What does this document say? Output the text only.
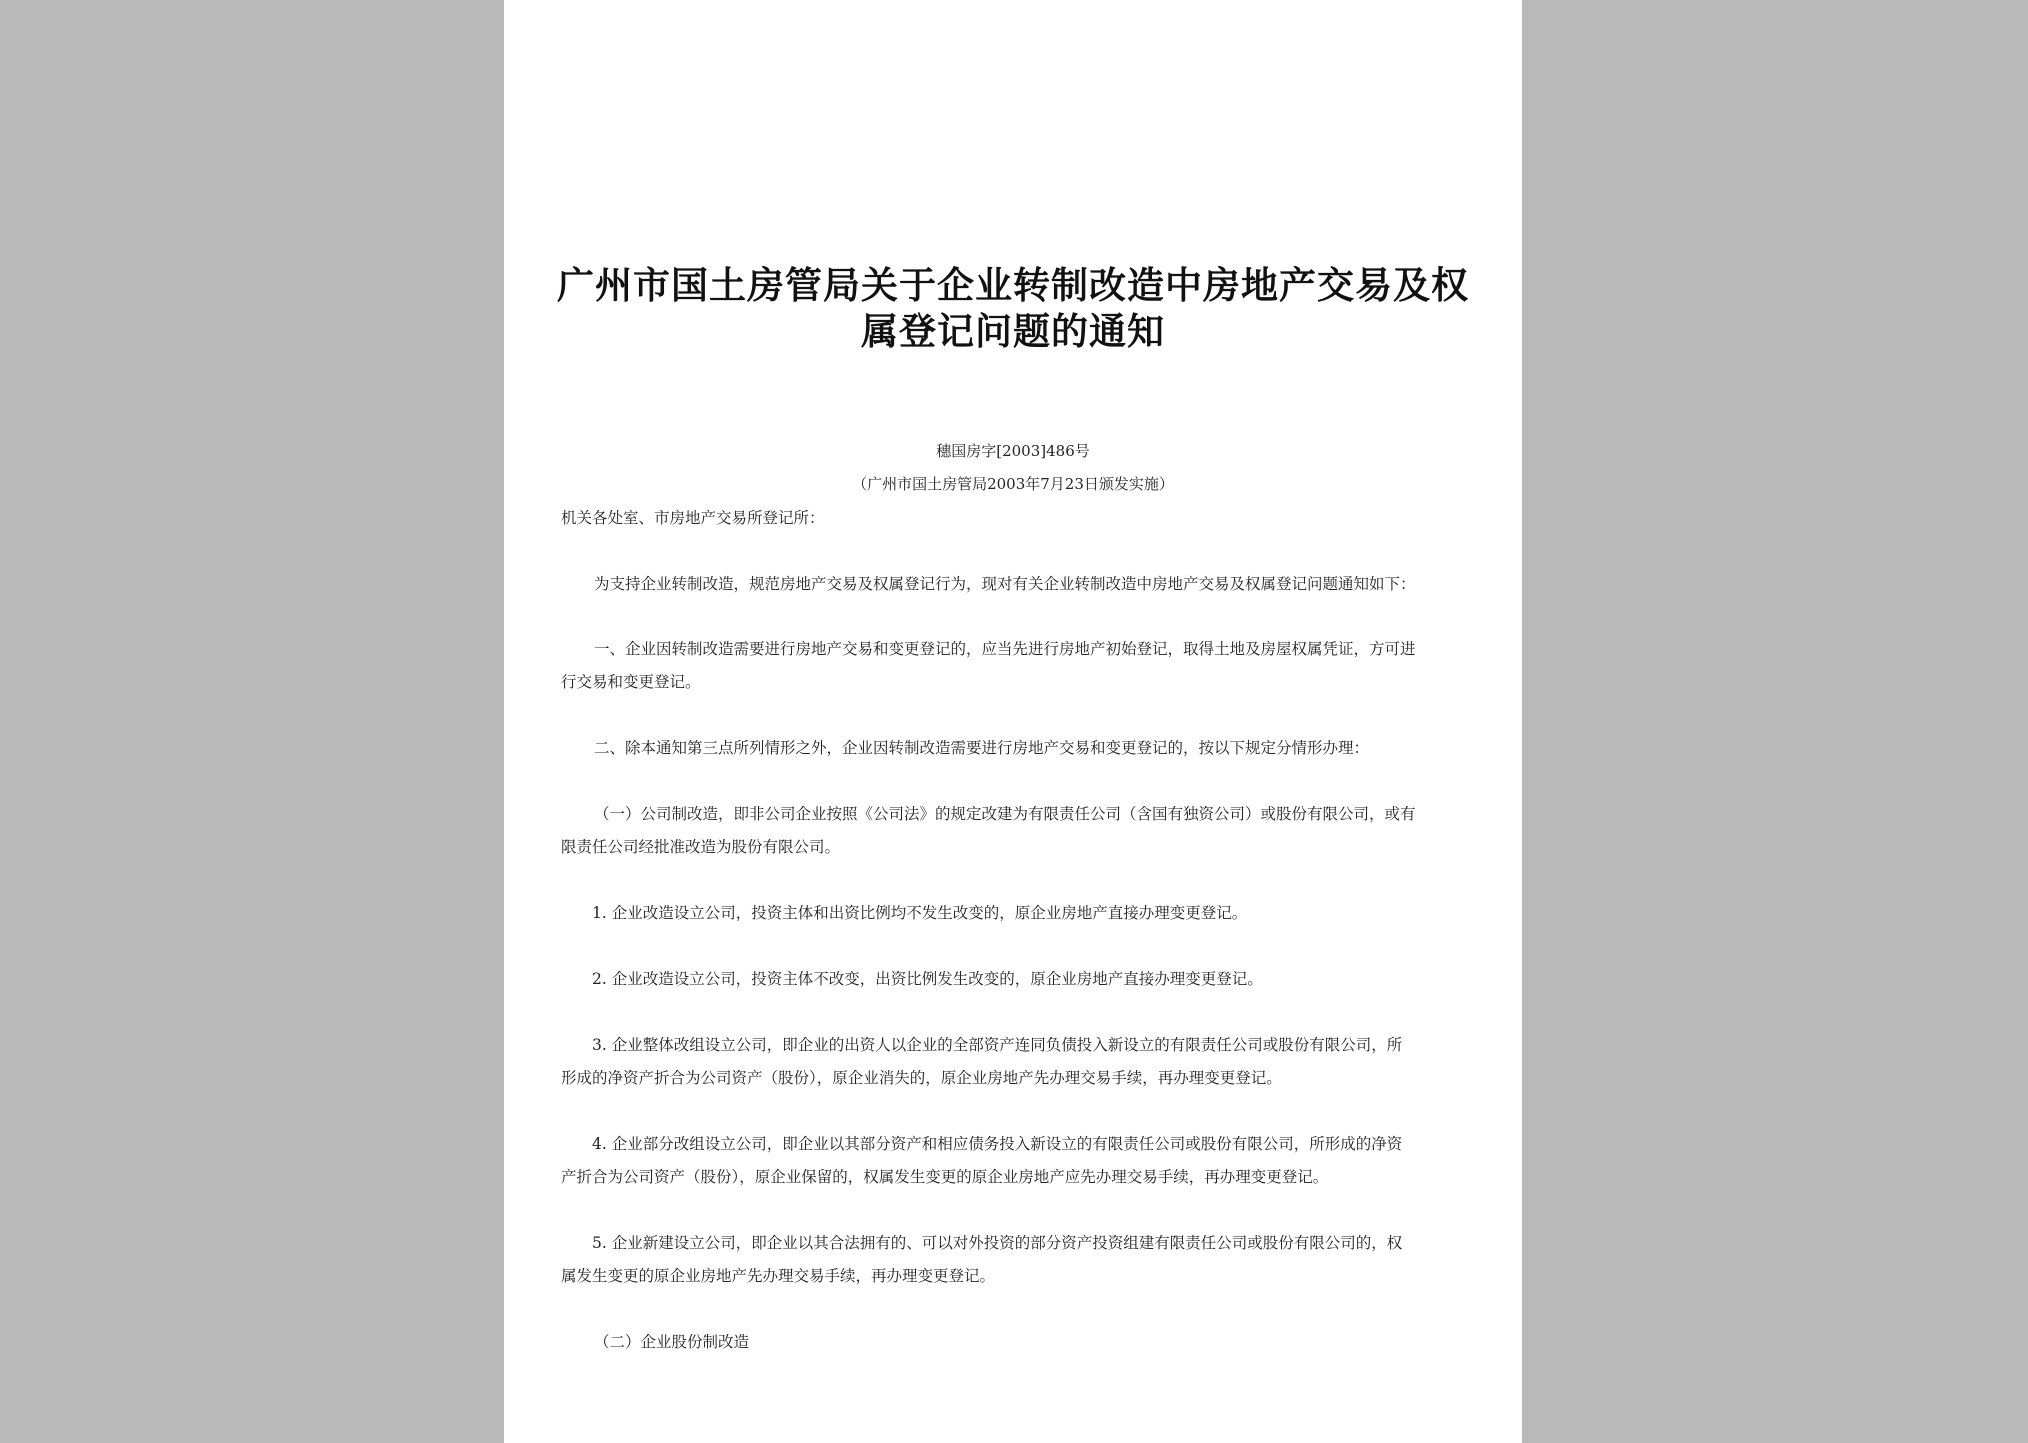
广州市国土房管局关于企业转制改造中房地产交易及权
属登记问题的通知
穗国房字[2003]486号
（广州市国土房管局2003年7月23日颁发实施）
机关各处室、市房地产交易所登记所：
为支持企业转制改造，规范房地产交易及权属登记行为，现对有关企业转制改造中房地产交易及权属登记问题通知如下：
一、企业因转制改造需要进行房地产交易和变更登记的，应当先进行房地产初始登记，取得土地及房屋权属凭证，方可进
行交易和变更登记。
二、除本通知第三点所列情形之外，企业因转制改造需要进行房地产交易和变更登记的，按以下规定分情形办理：
（一）公司制改造，即非公司企业按照《公司法》的规定改建为有限责任公司（含国有独资公司）或股份有限公司，或有
限责任公司经批准改造为股份有限公司。
1. 企业改造设立公司，投资主体和出资比例均不发生改变的，原企业房地产直接办理变更登记。
2. 企业改造设立公司，投资主体不改变，出资比例发生改变的，原企业房地产直接办理变更登记。
3. 企业整体改组设立公司，即企业的出资人以企业的全部资产连同负债投入新设立的有限责任公司或股份有限公司，所
形成的净资产折合为公司资产（股份），原企业消失的，原企业房地产先办理交易手续，再办理变更登记。
4. 企业部分改组设立公司，即企业以其部分资产和相应债务投入新设立的有限责任公司或股份有限公司，所形成的净资
产折合为公司资产（股份），原企业保留的，权属发生变更的原企业房地产应先办理交易手续，再办理变更登记。
5. 企业新建设立公司，即企业以其合法拥有的、可以对外投资的部分资产投资组建有限责任公司或股份有限公司的，权
属发生变更的原企业房地产先办理交易手续，再办理变更登记。
（二）企业股份制改造
